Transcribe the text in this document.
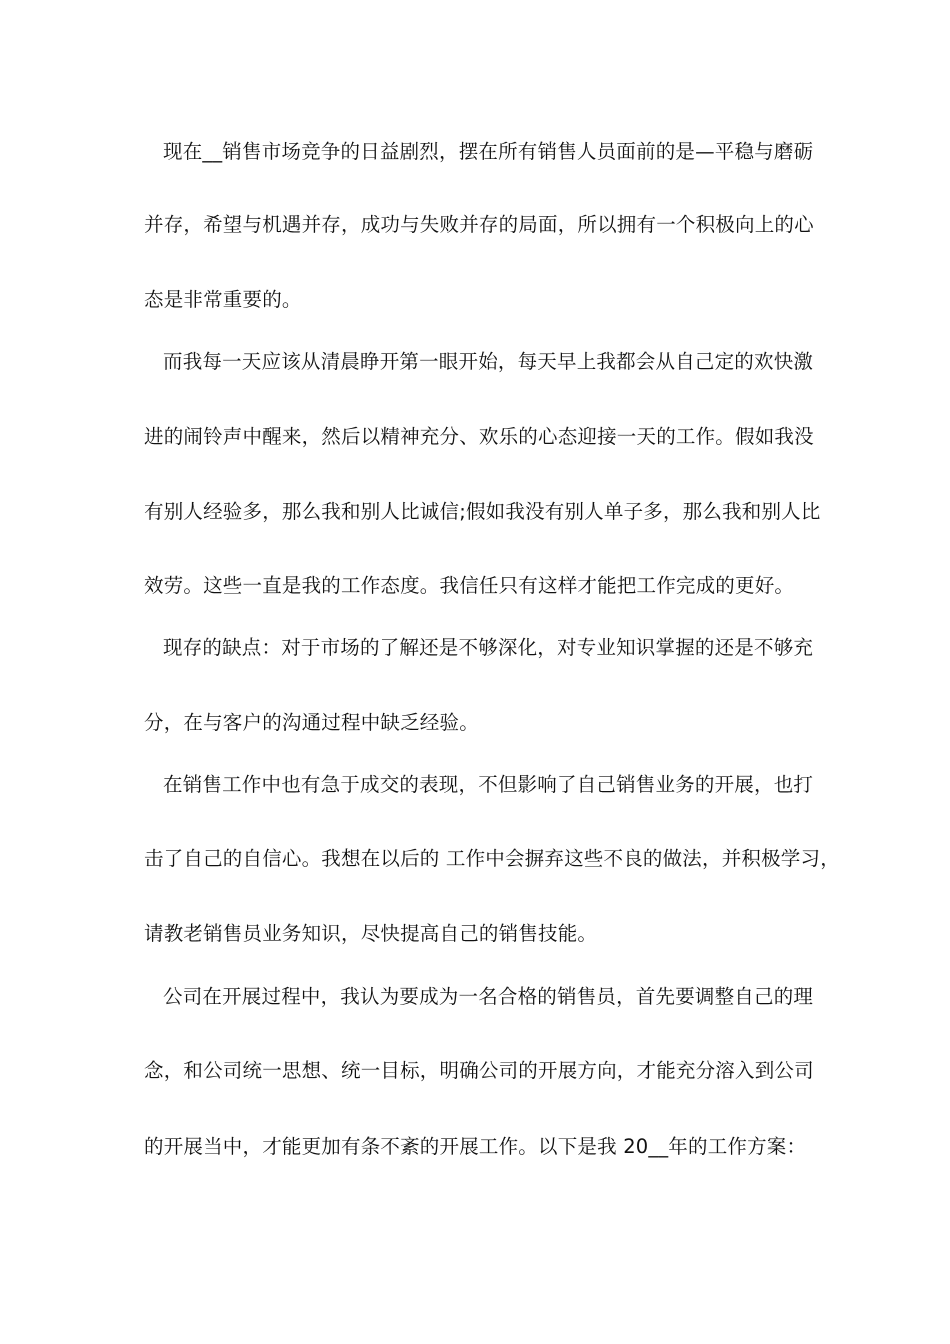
现在__销售市场竞争的日益剧烈，摆在所有销售人员面前的是—平稳与磨砺
并存，希望与机遇并存，成功与失败并存的局面，所以拥有一个积极向上的心
态是非常重要的。
而我每一天应该从清晨睁开第一眼开始，每天早上我都会从自己定的欢快激
进的闹铃声中醒来，然后以精神充分、欢乐的心态迎接一天的工作。假如我没
有别人经验多，那么我和别人比诚信;假如我没有别人单子多，那么我和别人比
效劳。这些一直是我的工作态度。我信任只有这样才能把工作完成的更好。
现存的缺点：对于市场的了解还是不够深化，对专业知识掌握的还是不够充
分，在与客户的沟通过程中缺乏经验。
在销售工作中也有急于成交的表现，不但影响了自己销售业务的开展，也打
击了自己的自信心。我想在以后的 工作中会摒弃这些不良的做法，并积极学习，
请教老销售员业务知识，尽快提高自己的销售技能。
公司在开展过程中，我认为要成为一名合格的销售员，首先要调整自己的理
念，和公司统一思想、统一目标，明确公司的开展方向，才能充分溶入到公司
的开展当中，才能更加有条不紊的开展工作。以下是我 20__年的工作方案：
